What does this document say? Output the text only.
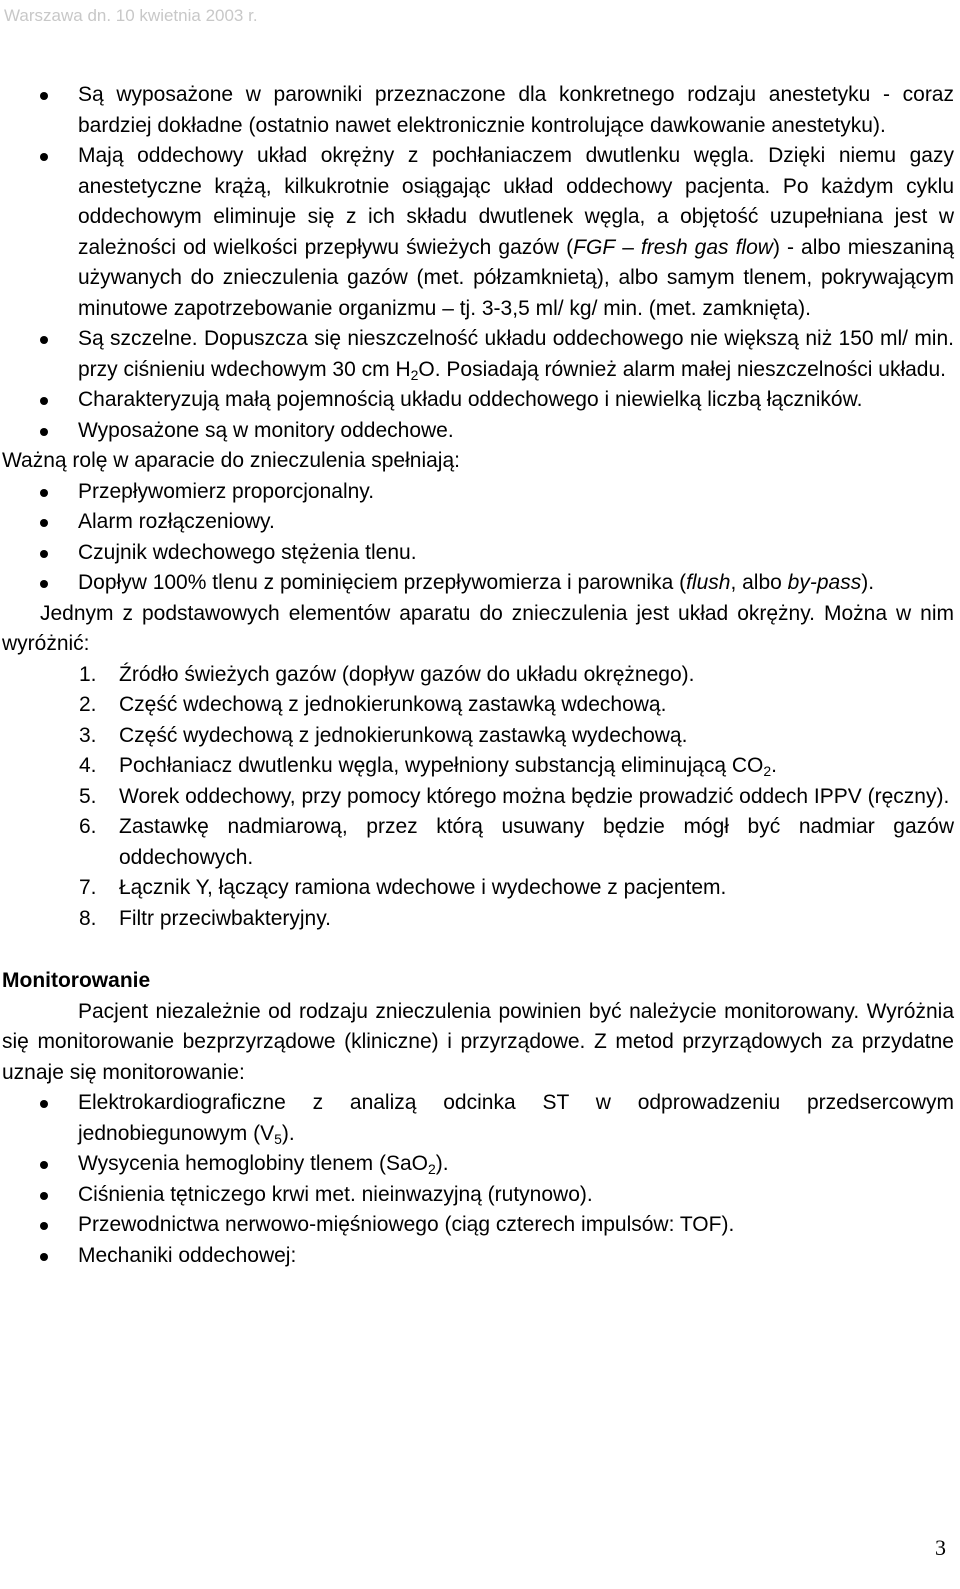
Warszawa dn. 10 kwietnia 2003 r.
Są wyposażone w parowniki przeznaczone dla konkretnego rodzaju anestetyku - coraz bardziej dokładne (ostatnio nawet elektronicznie kontrolujące dawkowanie anestetyku).
Mają oddechowy układ okrężny z pochłaniaczem dwutlenku węgla. Dzięki niemu gazy anestetyczne krążą, kilkukrotnie osiągając układ oddechowy pacjenta. Po każdym cyklu oddechowym eliminuje się z ich składu dwutlenek węgla, a objętość uzupełniana jest w zależności od wielkości przepływu świeżych gazów (FGF – fresh gas flow) - albo mieszaniną używanych do znieczulenia gazów (met. półzamknietą), albo samym tlenem, pokrywającym minutowe zapotrzebowanie organizmu – tj. 3-3,5 ml/ kg/ min. (met. zamknięta).
Są szczelne. Dopuszcza się nieszczelność układu oddechowego nie większą niż 150 ml/ min. przy ciśnieniu wdechowym 30 cm $H_2O$. Posiadają również alarm małej nieszczelności układu.
Charakteryzują małą pojemnością układu oddechowego i niewielką liczbą łączników.
Wyposażone są w monitory oddechowe.

Ważną rolę w aparacie do znieczulenia spełniają:

Przepływomierz proporcjonalny.
Alarm rozłączeniowy.
Czujnik wdechowego stężenia tlenu.
Dopływ 100% tlenu z pominięciem przepływomierza i parownika (flush, albo by-pass).

Jednym z podstawowych elementów aparatu do znieczulenia jest układ okrężny. Można w nim wyróżnić:

1. Źródło świeżych gazów (dopływ gazów do układu okrężnego).
2. Część wdechową z jednokierunkową zastawką wdechową.
3. Część wydechową z jednokierunkową zastawką wydechową.
4. Pochłaniacz dwutlenku węgla, wypełniony substancją eliminującą $CO_2$.
5. Worek oddechowy, przy pomocy którego można będzie prowadzić oddech IPPV (ręczny).
6. Zastawkę nadmiarową, przez którą usuwany będzie mógł być nadmiar gazów oddechowych.
7. Łącznik Y, łączący ramiona wdechowe i wydechowe z pacjentem.
8. Filtr przeciwbakteryjny.
Monitorowanie

Pacjent niezależnie od rodzaju znieczulenia powinien być należycie monitorowany. Wyróżnia się monitorowanie bezprzyrządowe (kliniczne) i przyrządowe. Z metod przyrządowych za przydatne uznaje się monitorowanie:

Elektrokardiograficzne z analizą odcinka ST w odprowadzeniu przedsercowym jednobiegunowym $(V_5)$.
Wysycenia hemoglobiny tlenem (SaO$_2$).
Ciśnienia tętniczego krwi met. nieinwazyjną (rutynowo).
Przewodnictwa nerwowo-mięśniowego (ciąg czterech impulsów: TOF).
Mechaniki oddechowej:
3
